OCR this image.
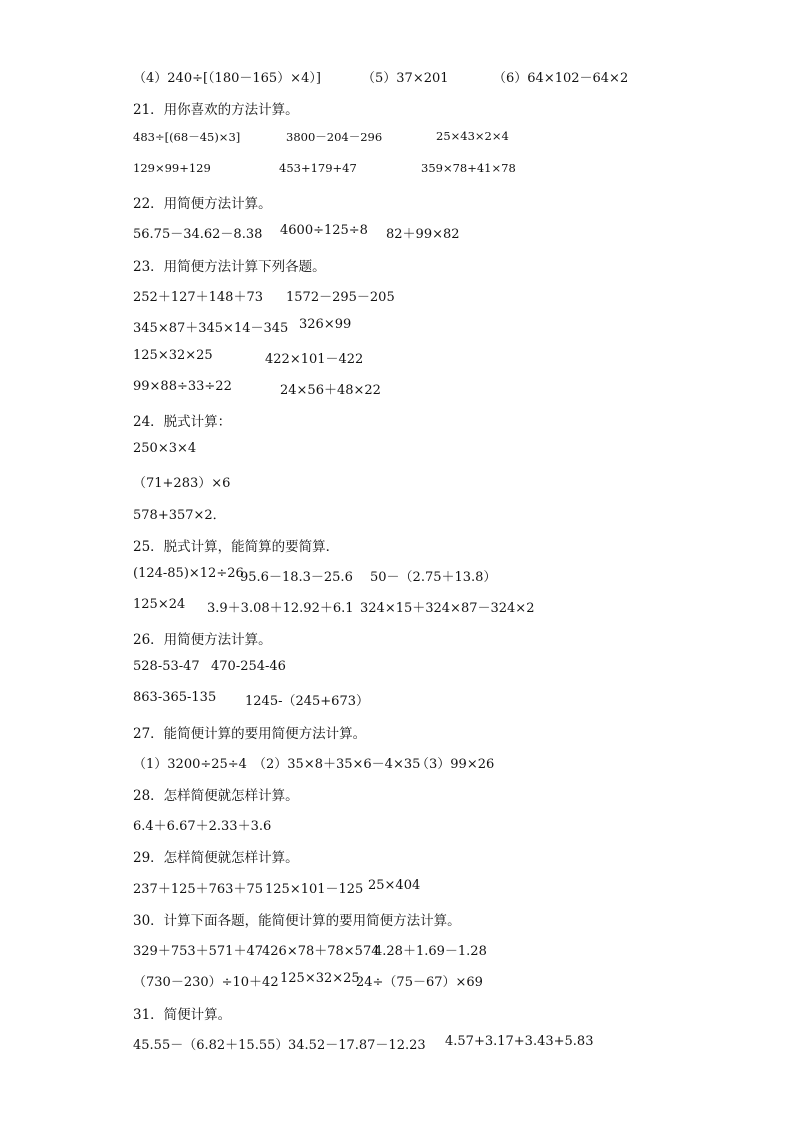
（4）240÷[（180－165）×4）]

	（5）37×201

	（6）64×102－64×2

21．用你喜欢的方法计算。

483÷[(68－45)×3]

	3800－204－296

	25×43×2×4

129×99+129

	453+179+47

	359×78+41×78

22．用简便方法计算。

56.75－34.62－8.38

4600÷125÷8

82＋99×82

23．用简便方法计算下列各题。

252＋127＋148＋73

1572－295－205

345×87＋345×14－345

326×99

125×32×25

	422×101－422

99×88÷33÷22

	24×56＋48×22

24．脱式计算：

250×3×4

（71+283）×6

578+357×2．

25．脱式计算，能简算的要简算．

(124-85)×12÷26

95.6－18.3－25.6

50－（2.75＋13.8）

125×24

3.9＋3.08＋12.92＋6.1

324×15＋324×87－324×2

26．用简便方法计算。

528-53-47

470-254-46

863-365-135

1245-（245+673）

27．能简便计算的要用简便方法计算。

（1）3200÷25÷4

（2）35×8＋35×6－4×35

（3）99×26

28．怎样简便就怎样计算。

6.4＋6.67＋2.33＋3.6

29．怎样简便就怎样计算。

237＋125＋763＋75

125×101－125

25×404

30．计算下面各题，能简便计算的要用简便方法计算。

329＋753＋571＋47

426×78＋78×574

4.28＋1.69－1.28

（730－230）÷10＋42

125×32×25

24÷（75－67）×69

31．简便计算。

45.55－（6.82＋15.55）

34.52－17.87－12.23

4.57+3.17+3.43+5.83
